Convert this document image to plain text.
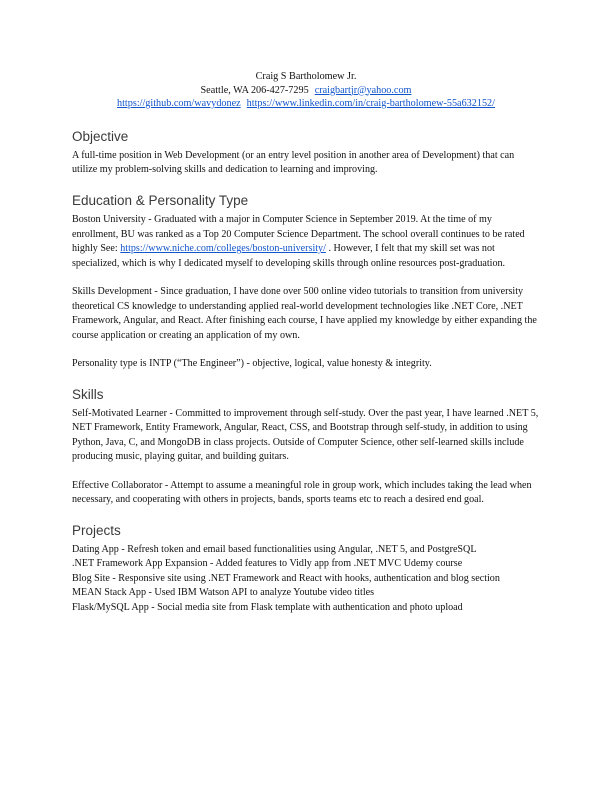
Craig S Bartholomew Jr.
Seattle, WA 206-427-7295 craigbartjr@yahoo.com
https://github.com/wavydonez https://www.linkedin.com/in/craig-bartholomew-55a632152/
Objective

A full-time position in Web Development (or an entry level position in another area of Development) that can utilize my problem-solving skills and dedication to learning and improving.

Education & Personality Type

Boston University - Graduated with a major in Computer Science in September 2019. At the time of my enrollment, BU was ranked as a Top 20 Computer Science Department. The school overall continues to be rated highly See: https://www.niche.com/colleges/boston-university/ . However, I felt that my skill set was not specialized, which is why I dedicated myself to developing skills through online resources post-graduation.

Skills Development - Since graduation, I have done over 500 online video tutorials to transition from university theoretical CS knowledge to understanding applied real-world development technologies like .NET Core, .NET Framework, Angular, and React. After finishing each course, I have applied my knowledge by either expanding the course application or creating an application of my own.

Personality type is INTP (“The Engineer”) - objective, logical, value honesty & integrity.

Skills

Self-Motivated Learner - Committed to improvement through self-study. Over the past year, I have learned .NET 5, NET Framework, Entity Framework, Angular, React, CSS, and Bootstrap through self-study, in addition to using Python, Java, C, and MongoDB in class projects. Outside of Computer Science, other self-learned skills include producing music, playing guitar, and building guitars.

Effective Collaborator - Attempt to assume a meaningful role in group work, which includes taking the lead when necessary, and cooperating with others in projects, bands, sports teams etc to reach a desired end goal.

Projects

Dating App - Refresh token and email based functionalities using Angular, .NET 5, and PostgreSQL

.NET Framework App Expansion - Added features to Vidly app from .NET MVC Udemy course

Blog Site - Responsive site using .NET Framework and React with hooks, authentication and blog section

MEAN Stack App - Used IBM Watson API to analyze Youtube video titles

Flask/MySQL App - Social media site from Flask template with authentication and photo upload
